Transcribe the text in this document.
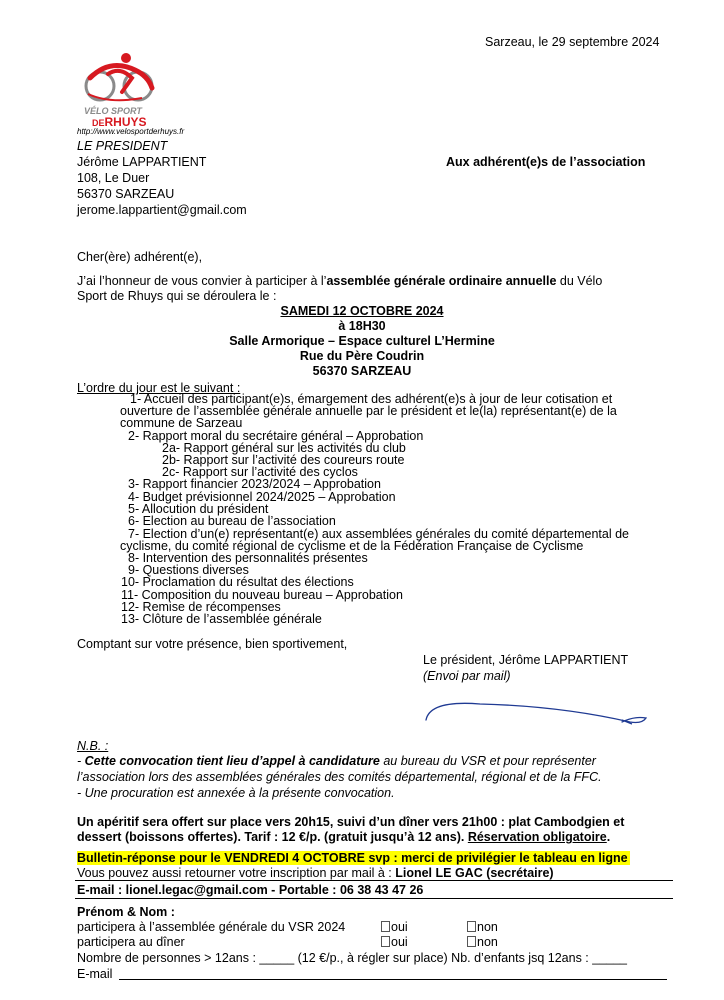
Sarzeau, le 29 septembre 2024
VÉLO SPORT
DERHUYS
http://www.velosportderhuys.fr
LE PRESIDENT
Jérôme LAPPARTIENT
108, Le Duer
56370 SARZEAU
jerome.lappartient@gmail.com
Aux adhérent(e)s de l’association
Cher(ère) adhérent(e),
J’ai l’honneur de vous convier à participer à l’assemblée générale ordinaire annuelle du Vélo
Sport de Rhuys qui se déroulera le :
SAMEDI 12 OCTOBRE 2024
à 18H30
Salle Armorique – Espace culturel L’Hermine
Rue du Père Coudrin
56370 SARZEAU
L’ordre du jour est le suivant :
1- Accueil des participant(e)s, émargement des adhérent(e)s à jour de leur cotisation et
ouverture de l’assemblée générale annuelle par le président et le(la) représentant(e) de la
commune de Sarzeau
2- Rapport moral du secrétaire général – Approbation
2a- Rapport général sur les activités du club
2b- Rapport sur l’activité des coureurs route
2c- Rapport sur l’activité des cyclos
3- Rapport financier 2023/2024 – Approbation
4- Budget prévisionnel 2024/2025 – Approbation
5- Allocution du président
6- Election au bureau de l’association
7- Election d’un(e) représentant(e) aux assemblées générales du comité départemental de
cyclisme, du comité régional de cyclisme et de la Fédération Française de Cyclisme
8- Intervention des personnalités présentes
9- Questions diverses
10- Proclamation du résultat des élections
11- Composition du nouveau bureau – Approbation
12- Remise de récompenses
13- Clôture de l’assemblée générale
Comptant sur votre présence, bien sportivement,
Le président, Jérôme LAPPARTIENT
(Envoi par mail)
N.B. :
- Cette convocation tient lieu d’appel à candidature au bureau du VSR et pour représenter
l’association lors des assemblées générales des comités départemental, régional et de la FFC.
- Une procuration est annexée à la présente convocation.
Un apéritif sera offert sur place vers 20h15, suivi d’un dîner vers 21h00 : plat Cambodgien et
dessert (boissons offertes). Tarif : 12 €/p. (gratuit jusqu’à 12 ans). Réservation obligatoire.
Bulletin-réponse pour le VENDREDI 4 OCTOBRE svp : merci de privilégier le tableau en ligne
Vous pouvez aussi retourner votre inscription par mail à : Lionel LE GAC (secrétaire)
E-mail : lionel.legac@gmail.com - Portable : 06 38 43 47 26
Prénom & Nom :
participera à l’assemblée générale du VSR 2024	oui	non
participera au dîner	oui	non
Nombre de personnes > 12ans : _____ (12 €/p., à régler sur place) Nb. d’enfants jsq 12ans : _____
E-mail
